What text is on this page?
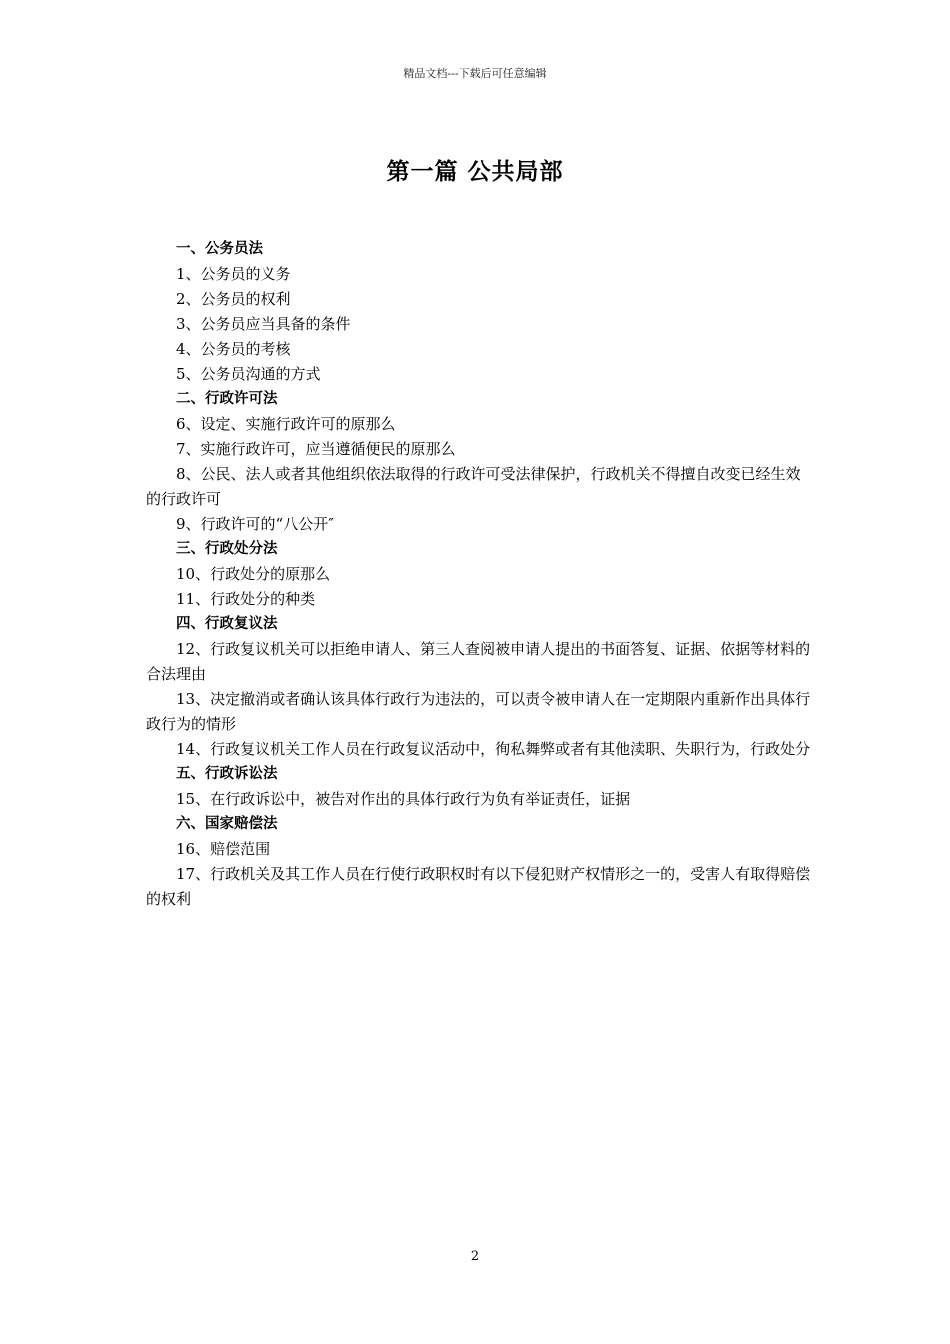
精品文档---下载后可任意编辑
第一篇 公共局部

一、公务员法

1、公务员的义务

2、公务员的权利

3、公务员应当具备的条件

4、公务员的考核

5、公务员沟通的方式

二、行政许可法

6、设定、实施行政许可的原那么

7、实施行政许可，应当遵循便民的原那么

8、公民、法人或者其他组织依法取得的行政许可受法律保护，行政机关不得擅自改变已经生效的行政许可

9、行政许可的“八公开″

三、行政处分法

10、行政处分的原那么

11、行政处分的种类

四、行政复议法

12、行政复议机关可以拒绝申请人、第三人查阅被申请人提出的书面答复、证据、依据等材料的合法理由

13、决定撤消或者确认该具体行政行为违法的，可以责令被申请人在一定期限内重新作出具体行政行为的情形

14、行政复议机关工作人员在行政复议活动中，徇私舞弊或者有其他渎职、失职行为，行政处分

五、行政诉讼法

15、在行政诉讼中，被告对作出的具体行政行为负有举证责任，证据

六、国家赔偿法

16、赔偿范围

17、行政机关及其工作人员在行使行政职权时有以下侵犯财产权情形之一的，受害人有取得赔偿的权利

2
